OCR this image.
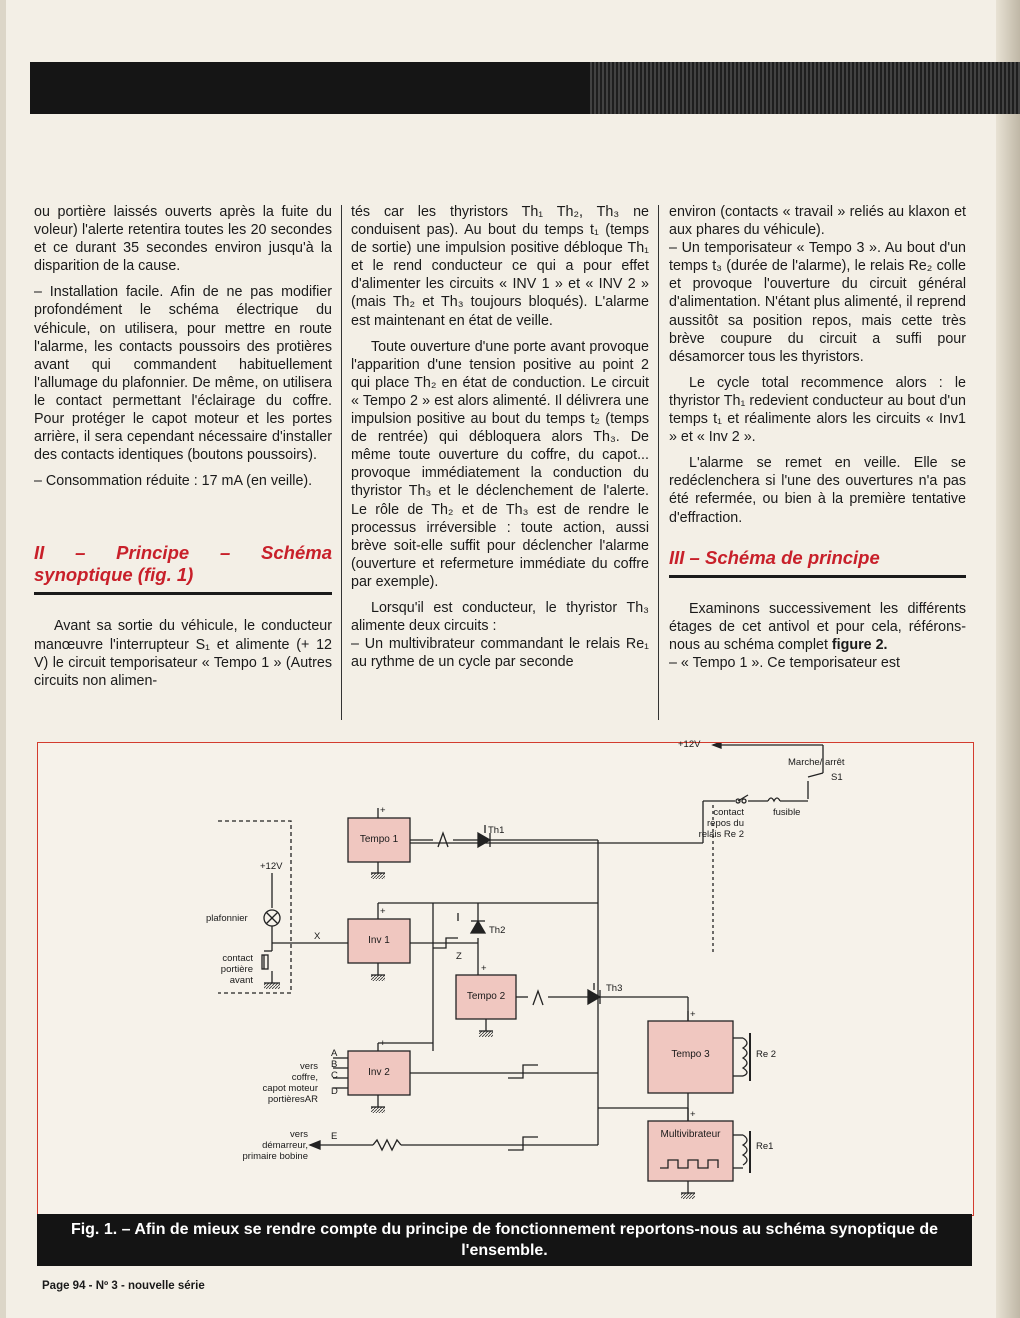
ou portière laissés ouverts après la fuite du voleur) l'alerte retentira toutes les 20 secondes et ce durant 35 secondes environ jusqu'à la disparition de la cause.

– Installation facile. Afin de ne pas modifier profondément le schéma électrique du véhicule, on utilisera, pour mettre en route l'alarme, les contacts poussoirs des protières avant qui commandent habituellement l'allumage du plafonnier. De même, on utilisera le contact permettant l'éclairage du coffre. Pour protéger le capot moteur et les portes arrière, il sera cependant nécessaire d'installer des contacts identiques (boutons poussoirs).

– Consommation réduite : 17 mA (en veille).

II – Principe – Schéma synoptique (fig. 1)

Avant sa sortie du véhicule, le conducteur manœuvre l'interrupteur S₁ et alimente (+ 12 V) le circuit temporisateur « Tempo 1 » (Autres circuits non alimen-

tés car les thyristors Th₁ Th₂, Th₃ ne conduisent pas). Au bout du temps t₁ (temps de sortie) une impulsion positive débloque Th₁ et le rend conducteur ce qui a pour effet d'alimenter les circuits « INV 1 » et « INV 2 » (mais Th₂ et Th₃ toujours bloqués). L'alarme est maintenant en état de veille.

Toute ouverture d'une porte avant provoque l'apparition d'une tension positive au point 2 qui place Th₂ en état de conduction. Le circuit « Tempo 2 » est alors alimenté. Il délivrera une impulsion positive au bout du temps t₂ (temps de rentrée) qui débloquera alors Th₃. De même toute ouverture du coffre, du capot... provoque immédiatement la conduction du thyristor Th₃ et le déclenchement de l'alerte. Le rôle de Th₂ et de Th₃ est de rendre le processus irréversible : toute action, aussi brève soit-elle suffit pour déclencher l'alarme (ouverture et refermeture immédiate du coffre par exemple).

Lorsqu'il est conducteur, le thyristor Th₃ alimente deux circuits :

– Un multivibrateur commandant le relais Re₁ au rythme de un cycle par seconde

environ (contacts « travail » reliés au klaxon et aux phares du véhicule).

– Un temporisateur « Tempo 3 ». Au bout d'un temps t₃ (durée de l'alarme), le relais Re₂ colle et provoque l'ouverture du circuit général d'alimentation. N'étant plus alimenté, il reprend aussitôt sa position repos, mais cette très brève coupure du circuit a suffi pour désamorcer tous les thyristors.

Le cycle total recommence alors : le thyristor Th₁ redevient conducteur au bout d'un temps t₁ et réalimente alors les circuits « Inv1 » et « Inv 2 ».

L'alarme se remet en veille. Elle se redéclenchera si l'une des ouvertures n'a pas été refermée, ou bien à la première tentative d'effraction.

III – Schéma de principe

Examinons successivement les différents étages de cet antivol et pour cela, référons-nous au schéma complet figure 2.

– « Tempo 1 ». Ce temporisateur est

+12V
Marche/ arrêt
S1
fusible
contact
repos du
relais Re 2
Tempo 1
Th1
Inv 1
Th2
Tempo 2
Th3
Inv 2
Tempo 3	Re 2
Multivibrateur
Re1
+12V
plafonnier
contact
portière
avant
X
Z
A
B
C
D
E
vers
coffre,
capot moteur
portièresAR
vers
démarreur,
primaire bobine
+
+
+
+
+
+
Fig. 1. – Afin de mieux se rendre compte du principe de fonctionnement reportons-nous au schéma synoptique de l'ensemble.
Page 94 - Nº 3 - nouvelle série
